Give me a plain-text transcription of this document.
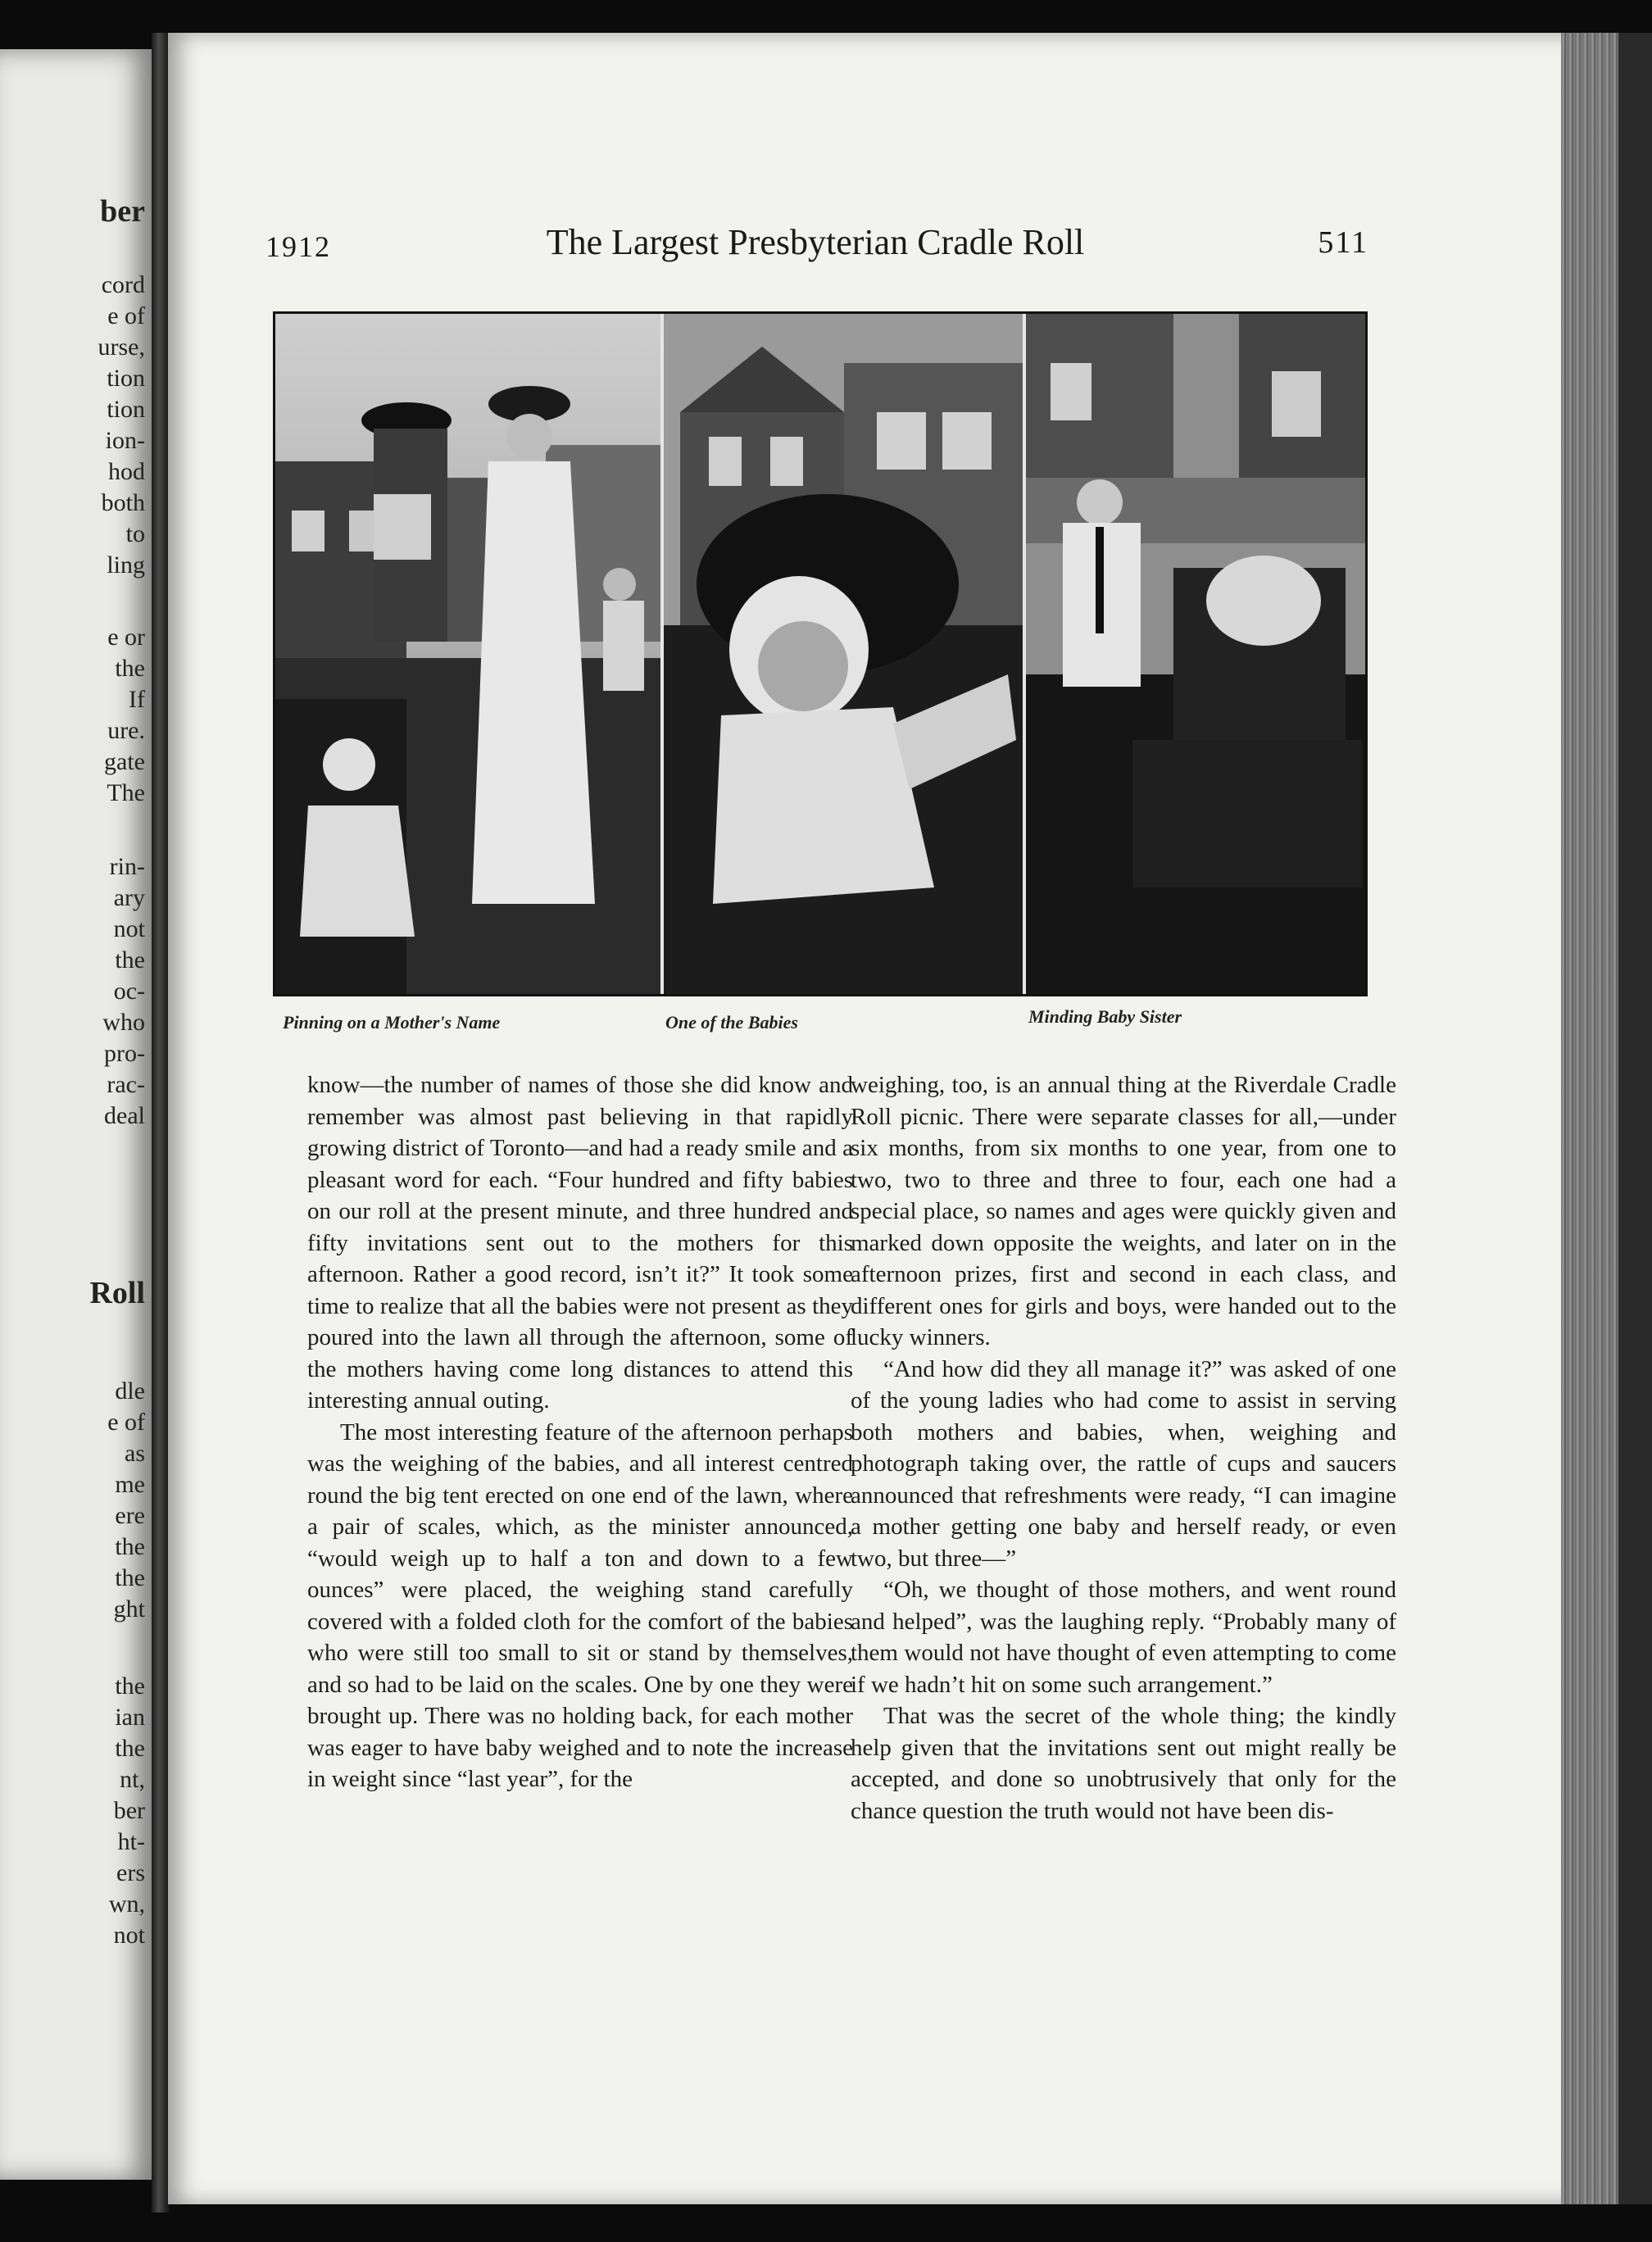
ber
cord
e of
urse,
tion
tion
ion-
hod
both
to
ling
e or
the
If
ure.
gate
The
rin-
ary
not
the
oc-
who
pro-
rac-
deal
Roll
dle
e of
as
me
ere
the
the
ght
the
ian
the
nt,
ber
ht-
ers
wn,
not
1912	The Largest Presbyterian Cradle Roll	511
Pinning on a Mother's Name	One of the Babies	Minding Baby Sister

know—the number of names of those she did know and remember was almost past believing in that rapidly growing district of Toronto—and had a ready smile and a pleasant word for each. “Four hundred and fifty babies on our roll at the present minute, and three hundred and fifty invitations sent out to the mothers for this afternoon. Rather a good record, isn’t it?” It took some time to realize that all the babies were not present as they poured into the lawn all through the afternoon, some of the mothers having come long distances to attend this interesting annual outing.

The most interesting feature of the afternoon perhaps was the weighing of the babies, and all interest centred round the big tent erected on one end of the lawn, where a pair of scales, which, as the minister announced, “would weigh up to half a ton and down to a few ounces” were placed, the weighing stand carefully covered with a folded cloth for the comfort of the babies who were still too small to sit or stand by themselves, and so had to be laid on the scales. One by one they were brought up. There was no holding back, for each mother was eager to have baby weighed and to note the increase in weight since “last year”, for the

weighing, too, is an annual thing at the Riverdale Cradle Roll picnic. There were separate classes for all,—under six months, from six months to one year, from one to two, two to three and three to four, each one had a special place, so names and ages were quickly given and marked down opposite the weights, and later on in the afternoon prizes, first and second in each class, and different ones for girls and boys, were handed out to the lucky winners.

“And how did they all manage it?” was asked of one of the young ladies who had come to assist in serving both mothers and babies, when, weighing and photograph taking over, the rattle of cups and saucers announced that refreshments were ready, “I can imagine a mother getting one baby and herself ready, or even two, but three—”

“Oh, we thought of those mothers, and went round and helped”, was the laughing reply. “Probably many of them would not have thought of even attempting to come if we hadn’t hit on some such arrangement.”

That was the secret of the whole thing; the kindly help given that the invitations sent out might really be accepted, and done so unobtrusively that only for the chance question the truth would not have been dis-
